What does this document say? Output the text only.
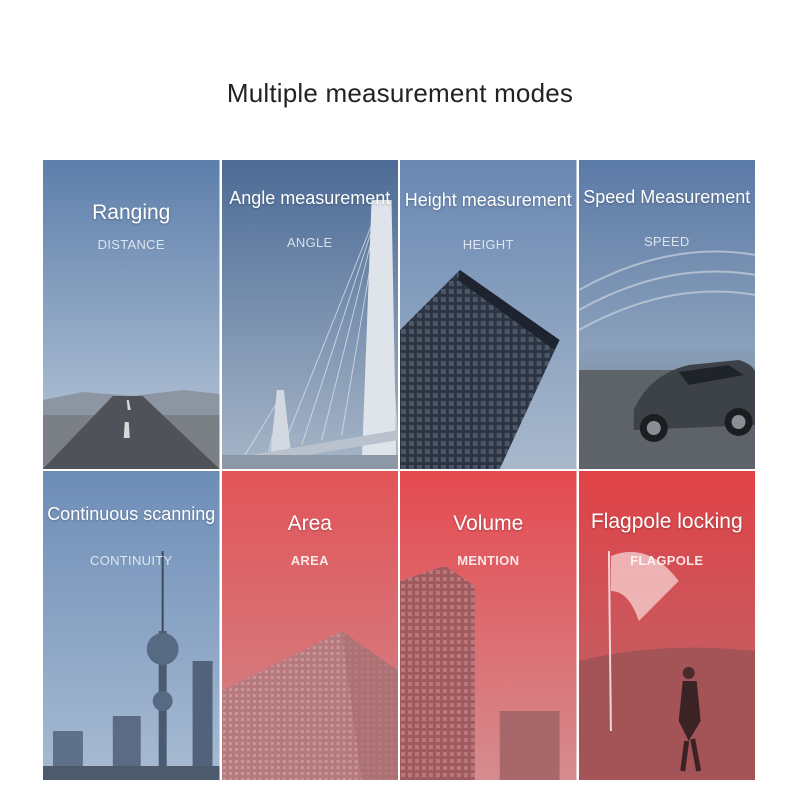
Multiple measurement modes
Ranging
DISTANCE
Angle measurement
ANGLE
Height measurement
HEIGHT
Speed Measurement
SPEED
Continuous scanning
CONTINUITY
Area
AREA
Volume
MENTION
Flagpole locking
FLAGPOLE
